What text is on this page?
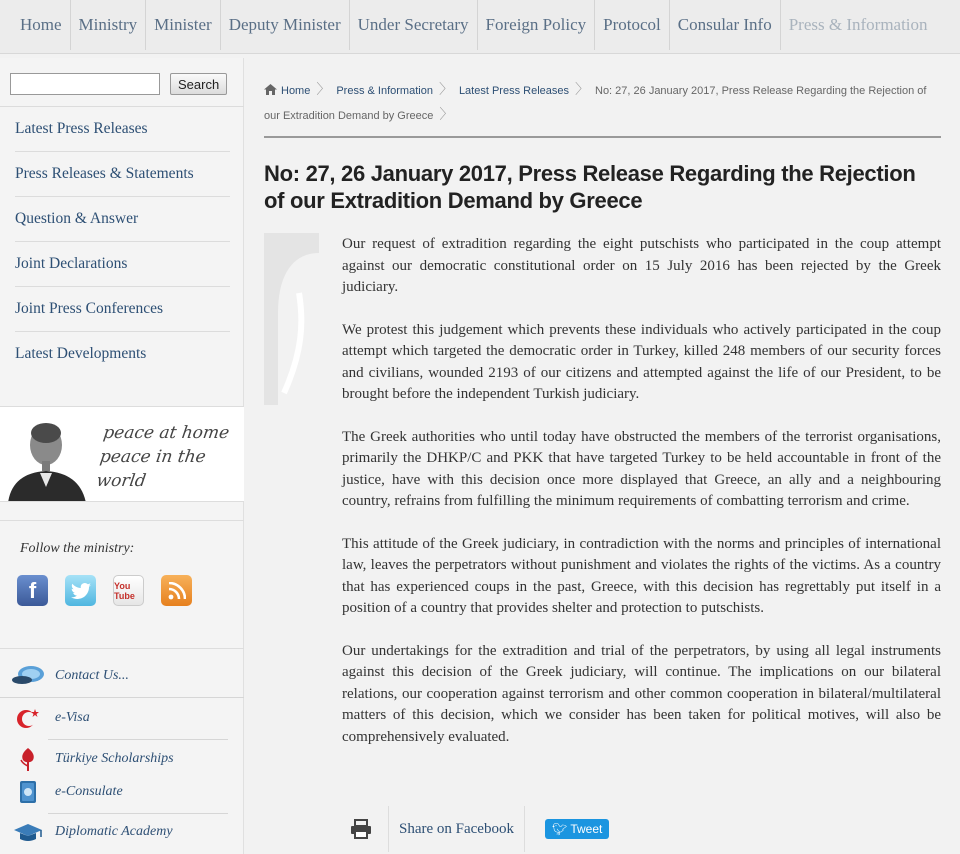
Home	Ministry	Minister	Deputy Minister	Under Secretary	Foreign Policy	Protocol	Consular Info	Press & Information
Search
Latest Press Releases
Press Releases & Statements
Question & Answer
Joint Declarations
Joint Press Conferences
Latest Developments
peace at home
peace in the world
Follow the ministry:
f	You Tube
Contact Us...
e-Visa
Türkiye Scholarships
e-Consulate
Diplomatic Academy
Home 〉 Press & Information 〉 Latest Press Releases 〉 No: 27, 26 January 2017, Press Release Regarding the Rejection of our Extradition Demand by Greece 〉
No: 27, 26 January 2017, Press Release Regarding the Rejection of our Extradition Demand by Greece

Our request of extradition regarding the eight putschists who participated in the coup attempt against our democratic constitutional order on 15 July 2016 has been rejected by the Greek judiciary.

We protest this judgement which prevents these individuals who actively participated in the coup attempt which targeted the democratic order in Turkey, killed 248 members of our security forces and civilians, wounded 2193 of our citizens and attempted against the life of our President, to be brought before the independent Turkish judiciary.

The Greek authorities who until today have obstructed the members of the terrorist organisations, primarily the DHKP/C and PKK that have targeted Turkey to be held accountable in front of the justice, have with this decision once more displayed that Greece, an ally and a neighbouring country, refrains from fulfilling the minimum requirements of combatting terrorism and crime.

This attitude of the Greek judiciary, in contradiction with the norms and principles of international law, leaves the perpetrators without punishment and violates the rights of the victims. As a country that has experienced coups in the past, Greece, with this decision has regrettably put itself in a position of a country that provides shelter and protection to putschists.

Our undertakings for the extradition and trial of the perpetrators, by using all legal instruments against this decision of the Greek judiciary, will continue. The implications on our bilateral relations, our cooperation against terrorism and other common cooperation in bilateral/multilateral matters of this decision, which we consider has been taken for political motives, will also be comprehensively evaluated.

Share on Facebook	🐦︎ Tweet
